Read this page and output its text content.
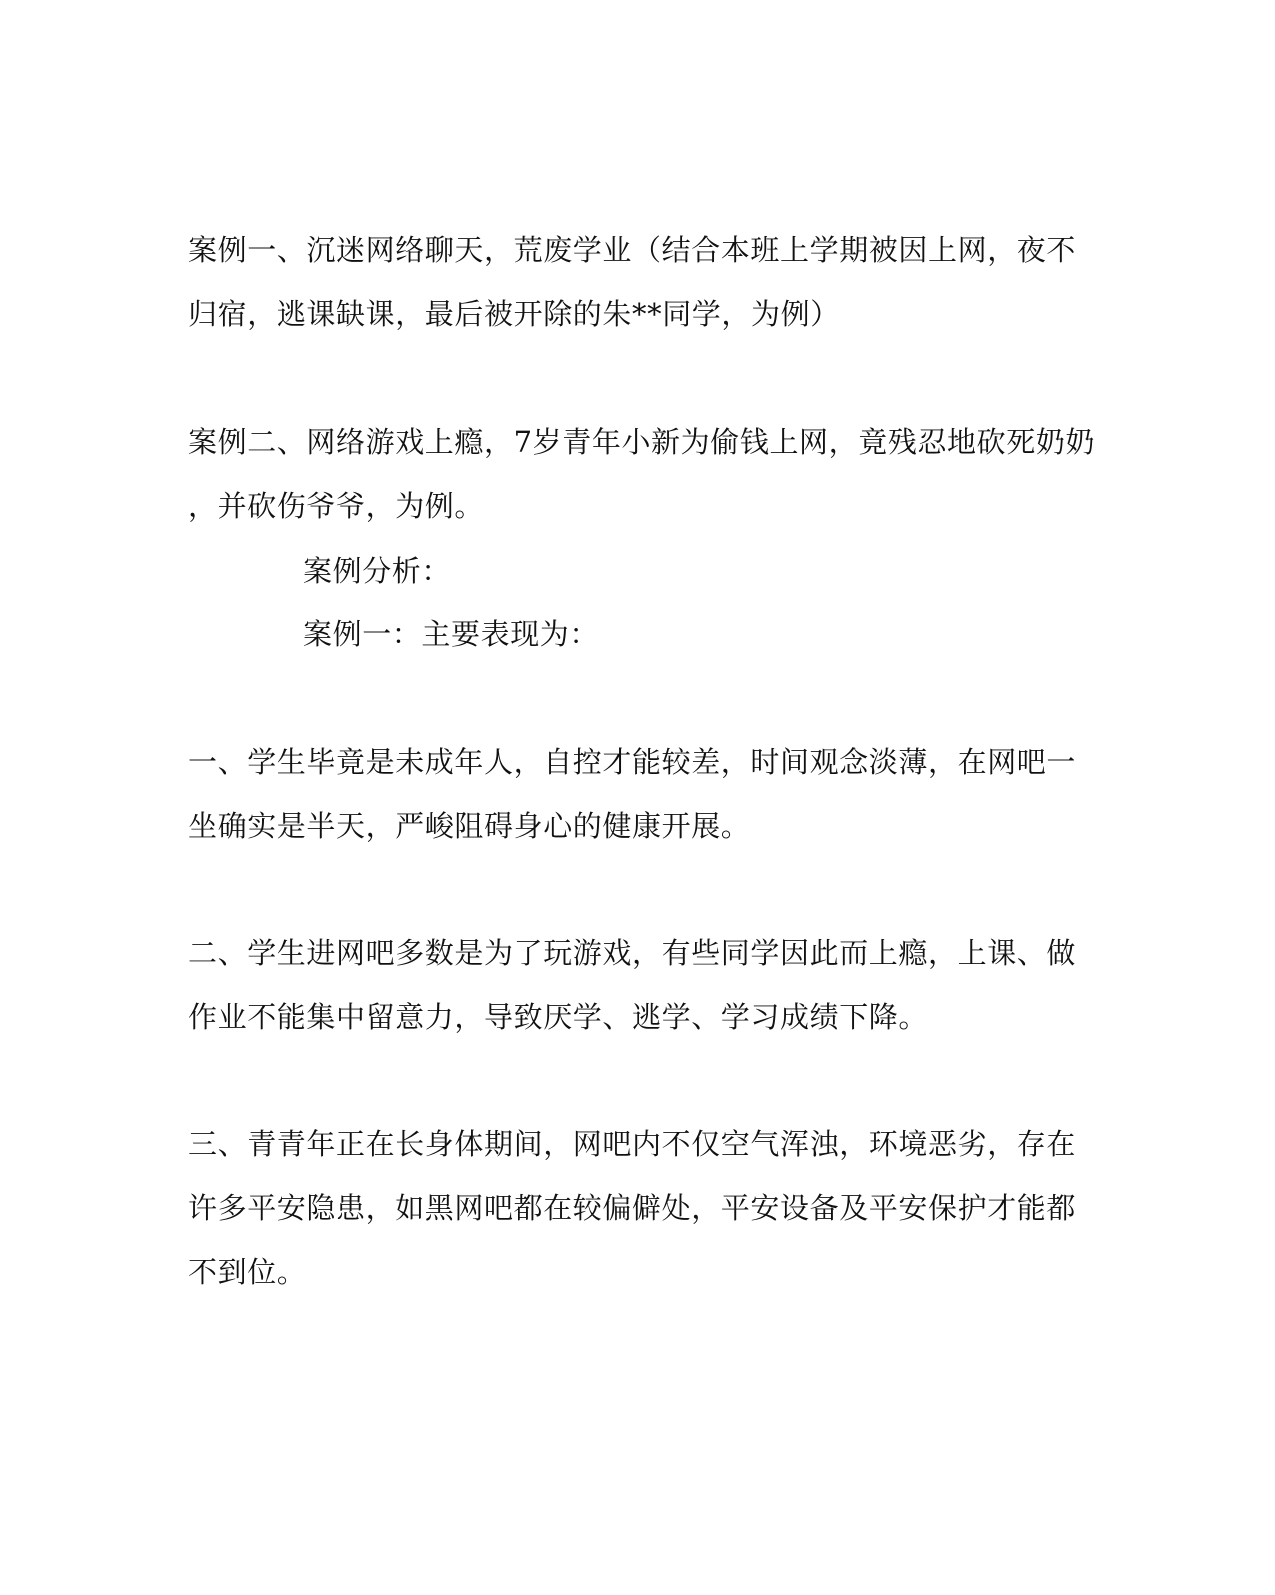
案例一、沉迷网络聊天，荒废学业（结合本班上学期被因上网，夜不
归宿，逃课缺课，最后被开除的朱**同学，为例）
案例二、网络游戏上瘾，7岁青年小新为偷钱上网，竟残忍地砍死奶奶
，并砍伤爷爷，为例。
案例分析：
案例一：主要表现为：
一、学生毕竟是未成年人，自控才能较差，时间观念淡薄，在网吧一
坐确实是半天，严峻阻碍身心的健康开展。
二、学生进网吧多数是为了玩游戏，有些同学因此而上瘾，上课、做
作业不能集中留意力，导致厌学、逃学、学习成绩下降。
三、青青年正在长身体期间，网吧内不仅空气浑浊，环境恶劣，存在
许多平安隐患，如黑网吧都在较偏僻处，平安设备及平安保护才能都
不到位。
